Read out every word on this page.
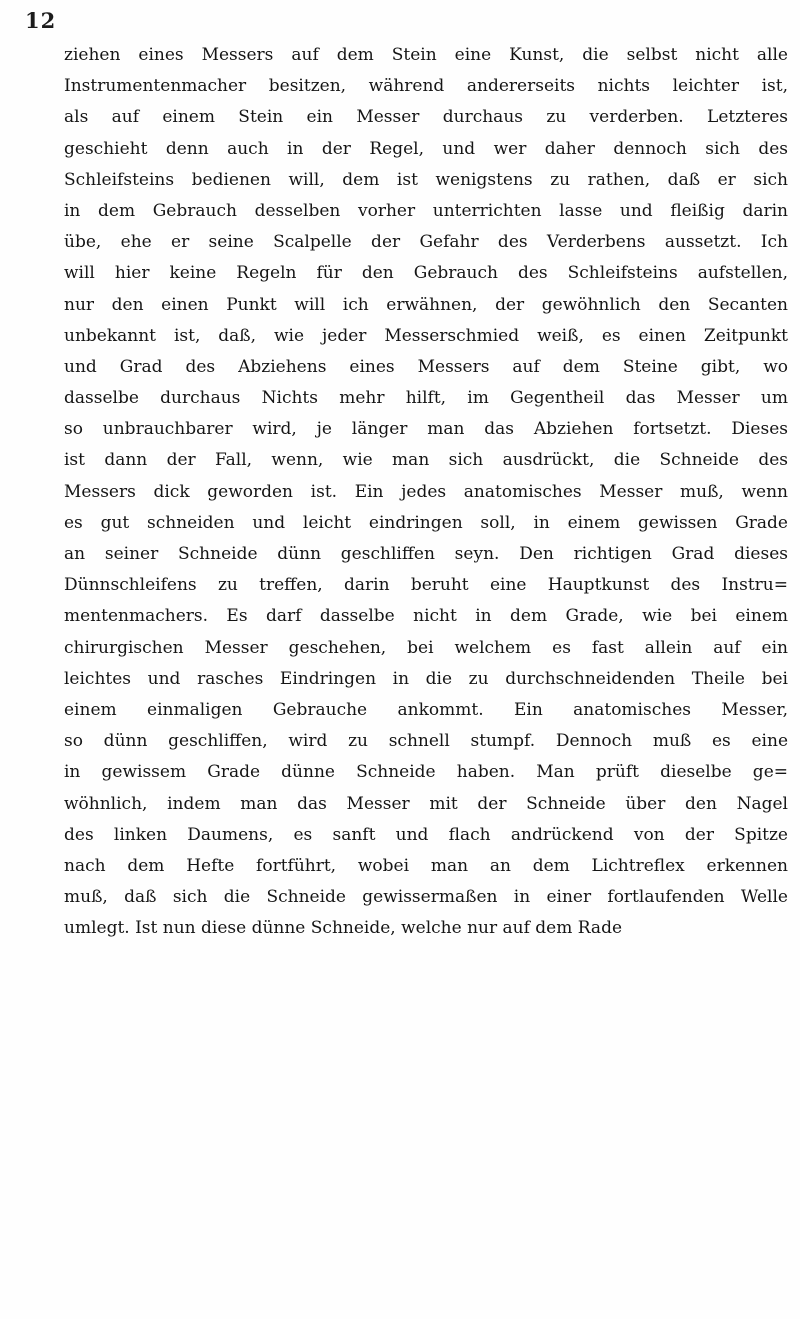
12
ziehen eines Messers auf dem Stein eine Kunst, die selbst nicht alle
Instrumentenmacher besitzen, während andererseits nichts leichter ist,
als auf einem Stein ein Messer durchaus zu verderben. Letzteres
geschieht denn auch in der Regel, und wer daher dennoch sich des
Schleifsteins bedienen will, dem ist wenigstens zu rathen, daß er sich
in dem Gebrauch desselben vorher unterrichten lasse und fleißig darin
übe, ehe er seine Scalpelle der Gefahr des Verderbens aussetzt. Ich
will hier keine Regeln für den Gebrauch des Schleifsteins aufstellen,
nur den einen Punkt will ich erwähnen, der gewöhnlich den Secanten
unbekannt ist, daß, wie jeder Messerschmied weiß, es einen Zeitpunkt
und Grad des Abziehens eines Messers auf dem Steine gibt, wo
dasselbe durchaus Nichts mehr hilft, im Gegentheil das Messer um
so unbrauchbarer wird, je länger man das Abziehen fortsetzt. Dieses
ist dann der Fall, wenn, wie man sich ausdrückt, die Schneide des
Messers dick geworden ist. Ein jedes anatomisches Messer muß, wenn
es gut schneiden und leicht eindringen soll, in einem gewissen Grade
an seiner Schneide dünn geschliffen seyn. Den richtigen Grad dieses
Dünnschleifens zu treffen, darin beruht eine Hauptkunst des Instru=
mentenmachers. Es darf dasselbe nicht in dem Grade, wie bei einem
chirurgischen Messer geschehen, bei welchem es fast allein auf ein
leichtes und rasches Eindringen in die zu durchschneidenden Theile bei
einem einmaligen Gebrauche ankommt. Ein anatomisches Messer,
so dünn geschliffen, wird zu schnell stumpf. Dennoch muß es eine
in gewissem Grade dünne Schneide haben. Man prüft dieselbe ge=
wöhnlich, indem man das Messer mit der Schneide über den Nagel
des linken Daumens, es sanft und flach andrückend von der Spitze
nach dem Hefte fortführt, wobei man an dem Lichtreflex erkennen
muß, daß sich die Schneide gewissermaßen in einer fortlaufenden Welle
umlegt. Ist nun diese dünne Schneide, welche nur auf dem Rade
